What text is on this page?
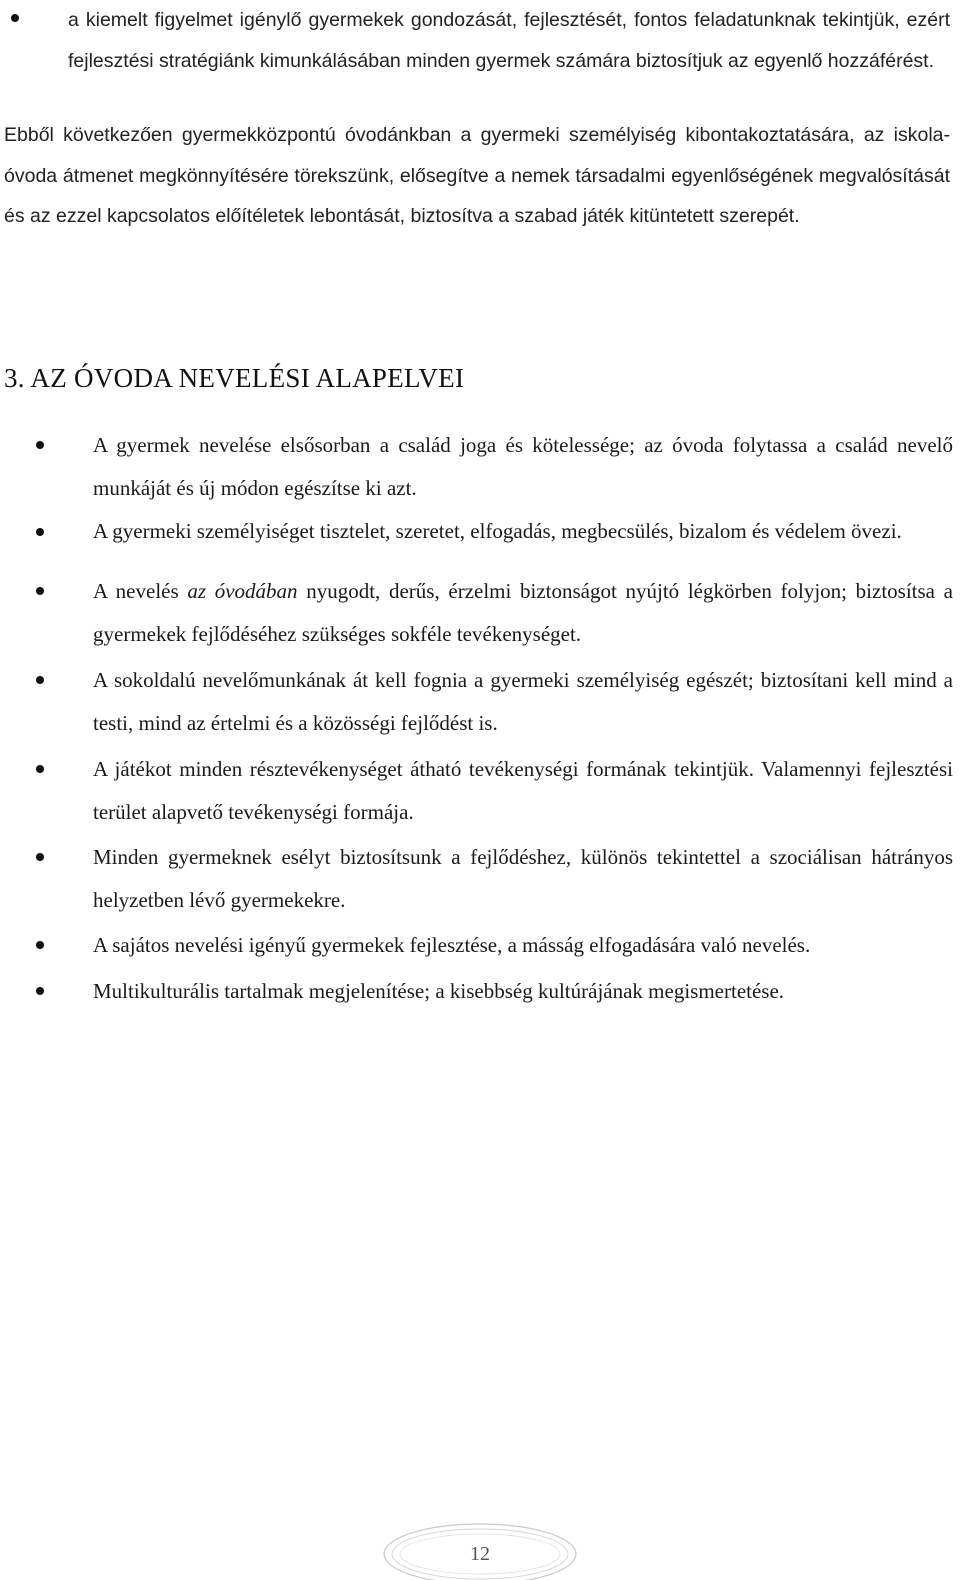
a kiemelt figyelmet igénylő gyermekek gondozását, fejlesztését, fontos feladatunknak tekintjük, ezért fejlesztési stratégiánk kimunkálásában minden gyermek számára biztosítjuk az egyenlő hozzáférést.
Ebből következően gyermekközpontú óvodánkban a gyermeki személyiség kibontakoztatására, az iskola-óvoda átmenet megkönnyítésére törekszünk, elősegítve a nemek társadalmi egyenlőségének megvalósítását és az ezzel kapcsolatos előítéletek lebontását, biztosítva a szabad játék kitüntetett szerepét.
3. AZ ÓVODA NEVELÉSI ALAPELVEI
A gyermek nevelése elsősorban a család joga és kötelessége; az óvoda folytassa a család nevelő munkáját és új módon egészítse ki azt.
A gyermeki személyiséget tisztelet, szeretet, elfogadás, megbecsülés, bizalom és védelem övezi.
A nevelés az óvodában nyugodt, derűs, érzelmi biztonságot nyújtó légkörben folyjon; biztosítsa a gyermekek fejlődéséhez szükséges sokféle tevékenységet.
A sokoldalú nevelőmunkának át kell fognia a gyermeki személyiség egészét; biztosítani kell mind a testi, mind az értelmi és a közösségi fejlődést is.
A játékot minden résztevékenységet átható tevékenységi formának tekintjük. Valamennyi fejlesztési terület alapvető tevékenységi formája.
Minden gyermeknek esélyt biztosítsunk a fejlődéshez, különös tekintettel a szociálisan hátrányos helyzetben lévő gyermekekre.
A sajátos nevelési igényű gyermekek fejlesztése, a másság elfogadására való nevelés.
Multikulturális tartalmak megjelenítése; a kisebbség kultúrájának megismertetése.
12
